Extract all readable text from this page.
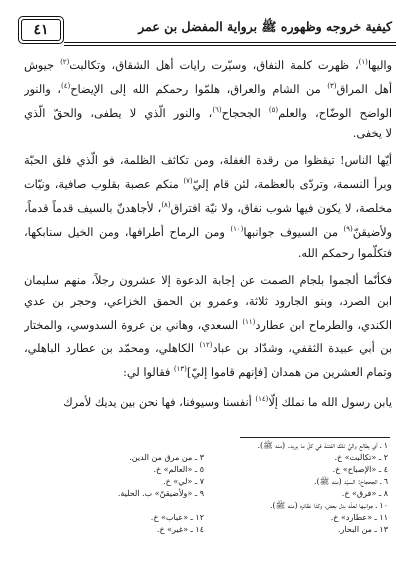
٤١	كيفية خروجه وظهوره ﷺ برواية المفضل بن عمر
واليها$^{(١)}$، ظهرت كلمة النفاق، وسيّرت رايات أهل الشقاق، وتكالبت$^{(٢)}$ جيوش
أهل المراق$^{(٣)}$ من الشام والعراق، هلمّوا رحمكم الله إلى الإيضاح$^{(٤)}$، والنور
الواضح الوضّاح، والعلم$^{(٥)}$ الجحجاح$^{(٦)}$، والنور الّذي لا يطفى، والحقّ الّذي
لا يخفى.
أيّها الناس! تيقظوا من رقدة الغفلة، ومن تكاثف الظلمة، فو الّذي فلق الحبّة
وبرأ النسمة، وتردّى بالعظمة، لئن قام إليّ$^{(٧)}$ منكم عصبة بقلوب صافية، ونيّات
مخلصة، لا يكون فيها شوب نفاق، ولا نيّة افتراق$^{(٨)}$، لأجاهدنّ بالسيف قدماً قدماً،
ولأضيقنّ$^{(٩)}$ من السيوف جوانبها$^{(١٠)}$ ومن الرماح أطرافها، ومن الخيل سنابكها،
فتكلّموا رحمكم الله.
فكأنّما ألجموا بلجام الصمت عن إجابة الدعوة إلا عشرون رجلاً، منهم سليمان
ابن الصرد، وبنو الجارود ثلاثة، وعمرو بن الحمق الخزاعي، وحجر بن عدي
الكندي، والطرماح ابن عطارد$^{(١١)}$ السعدي، وهاني بن عروة السدوسي، والمختار
بن أبي عبيدة الثقفي، وشدّاد بن عباد$^{(١٢)}$ الكاهلي، ومحمّد بن عطارد الباهلي،
وتمام العشرين من همدان [فإنهم قاموا إليّ]$^{(١٣)}$ فقالوا لي:
يابن رسول الله ما نملك إلّا$^{(١٤)}$ أنفسنا وسيوفنا، فها نحن بين يديك لأمرك
١ ـ أي يطالع واليَّ تلك الفتنة في كلّ ما يريد. (منه ﷺ).
٢ ـ «تكالبت» خ.
٣ ـ من مرق من الدين.
٤ ـ «الإصباح» خ.
٥ ـ «العالم» خ.
٦ ـ الجحجاح: السيّد (منه ﷺ).
٧ ـ «لي» خ.
٨ ـ «فرق» خ.
٩ ـ «ولأضيقنّ» ب. الحلية.
١٠ ـ جوانبها لعلّه بدل بعض، وكذا نظائره (منه ﷺ).
١١ ـ «عطارد» خ.
١٢ ـ «عباب» خ.
١٣ ـ من البحار.
١٤ ـ «غير» خ.
